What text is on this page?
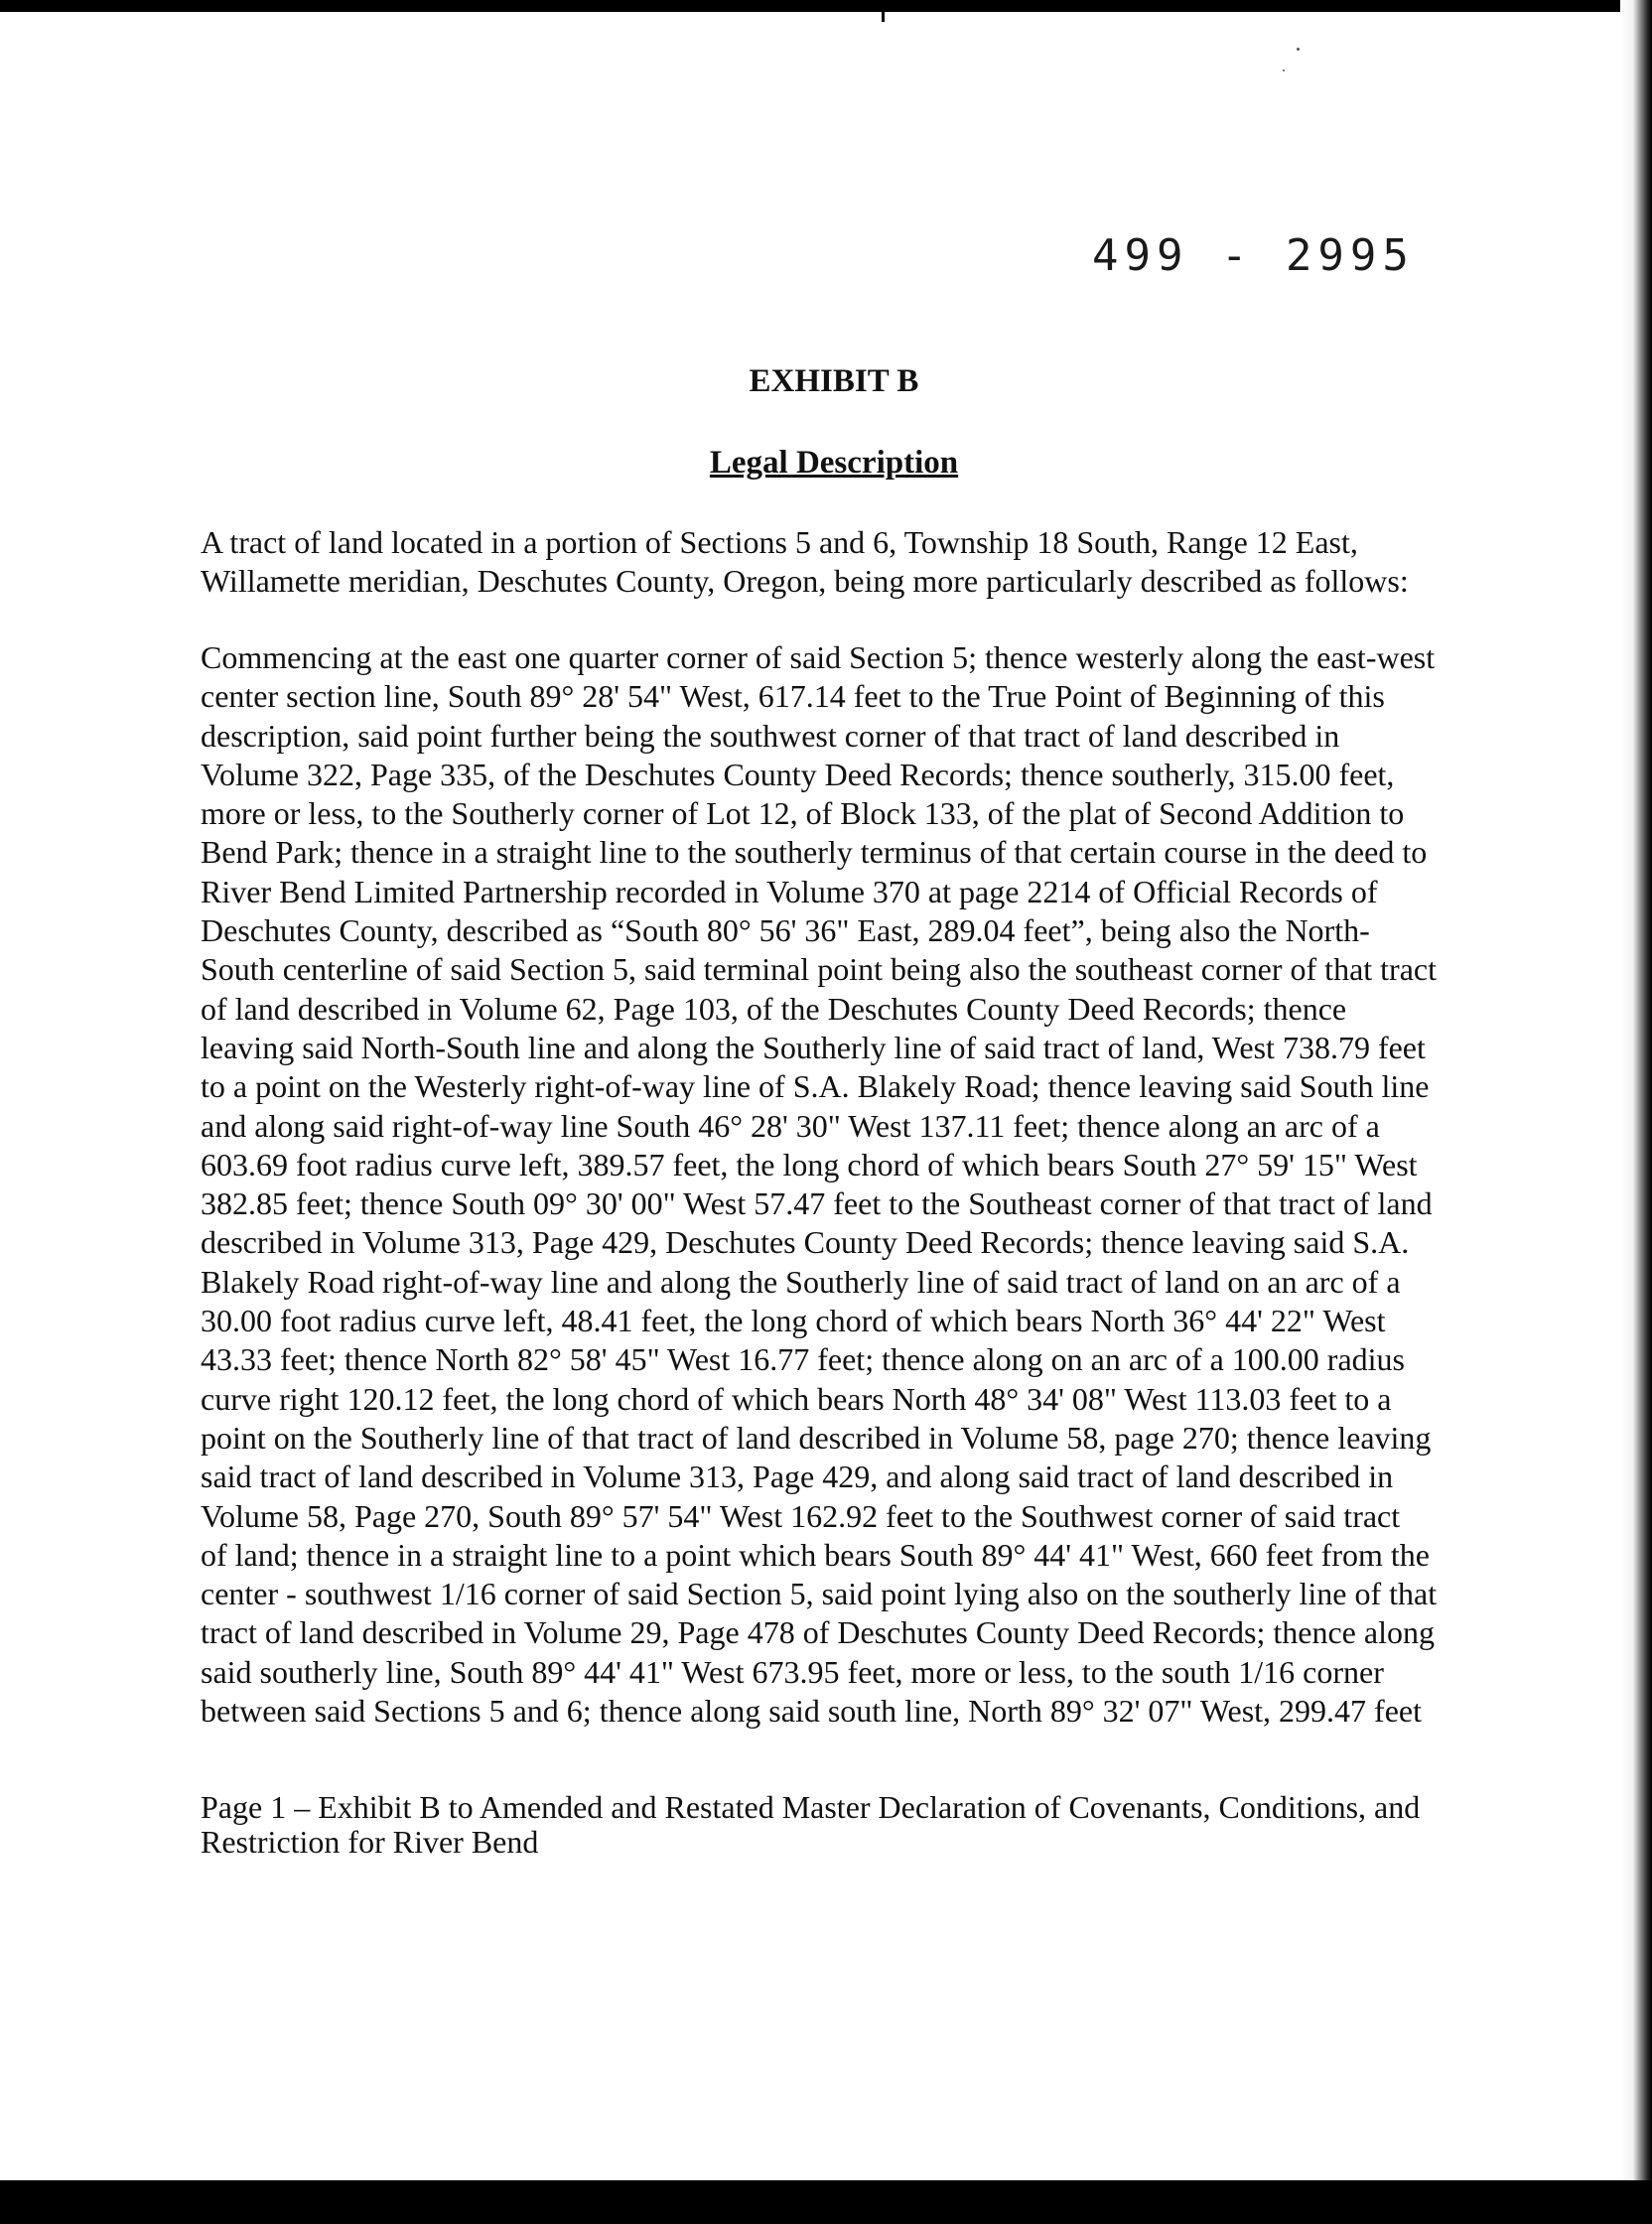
499 - 2995
EXHIBIT B
Legal Description
A tract of land located in a portion of Sections 5 and 6, Township 18 South, Range 12 East,
Willamette meridian, Deschutes County, Oregon, being more particularly described as follows:
Commencing at the east one quarter corner of said Section 5; thence westerly along the east-west
center section line, South 89° 28' 54" West, 617.14 feet to the True Point of Beginning of this
description, said point further being the southwest corner of that tract of land described in
Volume 322, Page 335, of the Deschutes County Deed Records; thence southerly, 315.00 feet,
more or less, to the Southerly corner of Lot 12, of Block 133, of the plat of Second Addition to
Bend Park; thence in a straight line to the southerly terminus of that certain course in the deed to
River Bend Limited Partnership recorded in Volume 370 at page 2214 of Official Records of
Deschutes County, described as “South 80° 56' 36" East, 289.04 feet”, being also the North-
South centerline of said Section 5, said terminal point being also the southeast corner of that tract
of land described in Volume 62, Page 103, of the Deschutes County Deed Records; thence
leaving said North-South line and along the Southerly line of said tract of land, West 738.79 feet
to a point on the Westerly right-of-way line of S.A. Blakely Road; thence leaving said South line
and along said right-of-way line South 46° 28' 30" West 137.11 feet; thence along an arc of a
603.69 foot radius curve left, 389.57 feet, the long chord of which bears South 27° 59' 15" West
382.85 feet; thence South 09° 30' 00" West 57.47 feet to the Southeast corner of that tract of land
described in Volume 313, Page 429, Deschutes County Deed Records; thence leaving said S.A.
Blakely Road right-of-way line and along the Southerly line of said tract of land on an arc of a
30.00 foot radius curve left, 48.41 feet, the long chord of which bears North 36° 44' 22" West
43.33 feet; thence North 82° 58' 45" West 16.77 feet; thence along on an arc of a 100.00 radius
curve right 120.12 feet, the long chord of which bears North 48° 34' 08" West 113.03 feet to a
point on the Southerly line of that tract of land described in Volume 58, page 270; thence leaving
said tract of land described in Volume 313, Page 429, and along said tract of land described in
Volume 58, Page 270, South 89° 57' 54" West 162.92 feet to the Southwest corner of said tract
of land; thence in a straight line to a point which bears South 89° 44' 41" West, 660 feet from the
center - southwest 1/16 corner of said Section 5, said point lying also on the southerly line of that
tract of land described in Volume 29, Page 478 of Deschutes County Deed Records; thence along
said southerly line, South 89° 44' 41" West 673.95 feet, more or less, to the south 1/16 corner
between said Sections 5 and 6; thence along said south line, North 89° 32' 07" West, 299.47 feet
Page 1 – Exhibit B to Amended and Restated Master Declaration of Covenants, Conditions, and
Restriction for River Bend
